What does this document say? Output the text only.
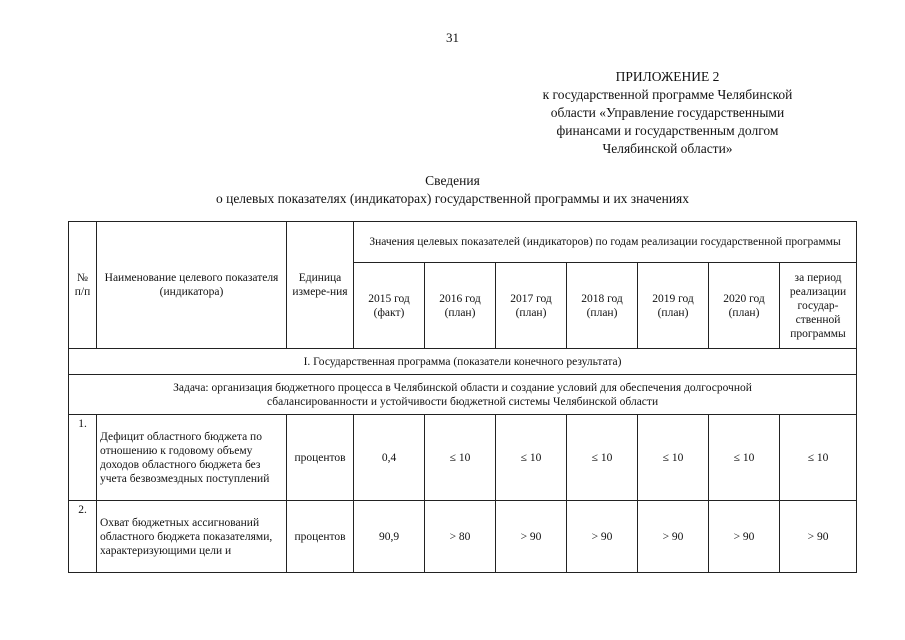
31
ПРИЛОЖЕНИЕ 2
к государственной программе Челябинской
области «Управление государственными
финансами и государственным долгом
Челябинской области»
Сведения
о целевых показателях (индикаторах) государственной программы и их значениях
№ п/п	Наименование целевого показателя (индикатора)	Единица измере-ния	Значения целевых показателей (индикаторов) по годам реализации государственной программы						
			2015 год (факт)	2016 год (план)	2017 год (план)	2018 год (план)	2019 год (план)	2020 год (план)	за период реализации государ-ственной программы
I. Государственная программа (показатели конечного результата)									
Задача: организация бюджетного процесса в Челябинской области и создание условий для обеспечения долгосрочной сбалансированности и устойчивости бюджетной системы Челябинской области									
1.	Дефицит областного бюджета по отношению к годовому объему доходов областного бюджета без учета безвозмездных поступлений	процентов	0,4	≤ 10	≤ 10	≤ 10	≤ 10	≤ 10	≤ 10
2.	Охват бюджетных ассигнований областного бюджета показателями, характеризующими цели и	процентов	90,9	> 80	> 90	> 90	> 90	> 90	> 90
